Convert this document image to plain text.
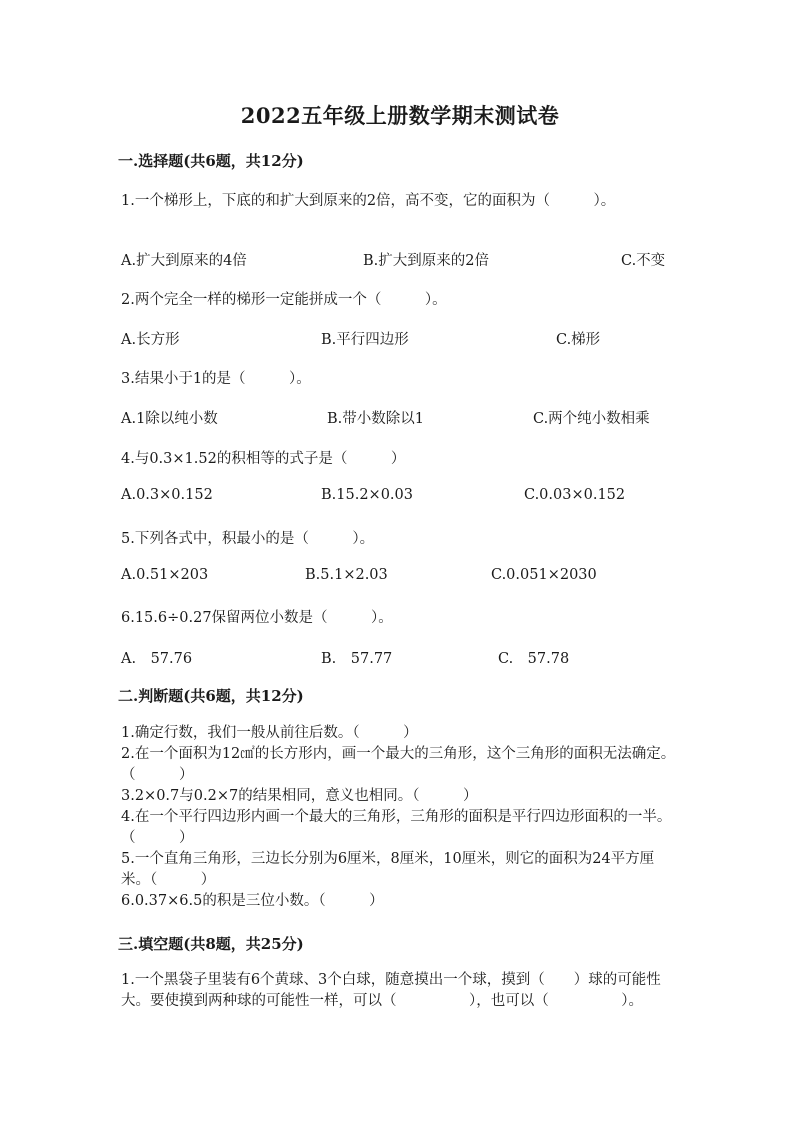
2022五年级上册数学期末测试卷
一.选择题(共6题，共12分)
1.一个梯形上，下底的和扩大到原来的2倍，高不变，它的面积为（　　　）。
A.扩大到原来的4倍	B.扩大到原来的2倍	C.不变
2.两个完全一样的梯形一定能拼成一个（　　　）。
A.长方形	B.平行四边形	C.梯形
3.结果小于1的是（　　　）。
A.1除以纯小数	B.带小数除以1	C.两个纯小数相乘
4.与0.3×1.52的积相等的式子是（　　　）
A.0.3×0.152	B.15.2×0.03	C.0.03×0.152
5.下列各式中，积最小的是（　　　）。
A.0.51×203	B.5.1×2.03	C.0.051×2030
6.15.6÷0.27保留两位小数是（　　　）。
A.　57.76	B.　57.77	C.　57.78
二.判断题(共6题，共12分)
1.确定行数，我们一般从前往后数。（　　　）
2.在一个面积为12㎠的长方形内，画一个最大的三角形，这个三角形的面积无法确定。（　　　）
3.2×0.7与0.2×7的结果相同，意义也相同。（　　　）
4.在一个平行四边形内画一个最大的三角形，三角形的面积是平行四边形面积的一半。（　　　）
5.一个直角三角形，三边长分别为6厘米，8厘米，10厘米，则它的面积为24平方厘米。（　　　）
6.0.37×6.5的积是三位小数。（　　　）
三.填空题(共8题，共25分)
1.一个黑袋子里装有6个黄球、3个白球，随意摸出一个球，摸到（　　）球的可能性大。要使摸到两种球的可能性一样，可以（　　　　　），也可以（　　　　　）。
